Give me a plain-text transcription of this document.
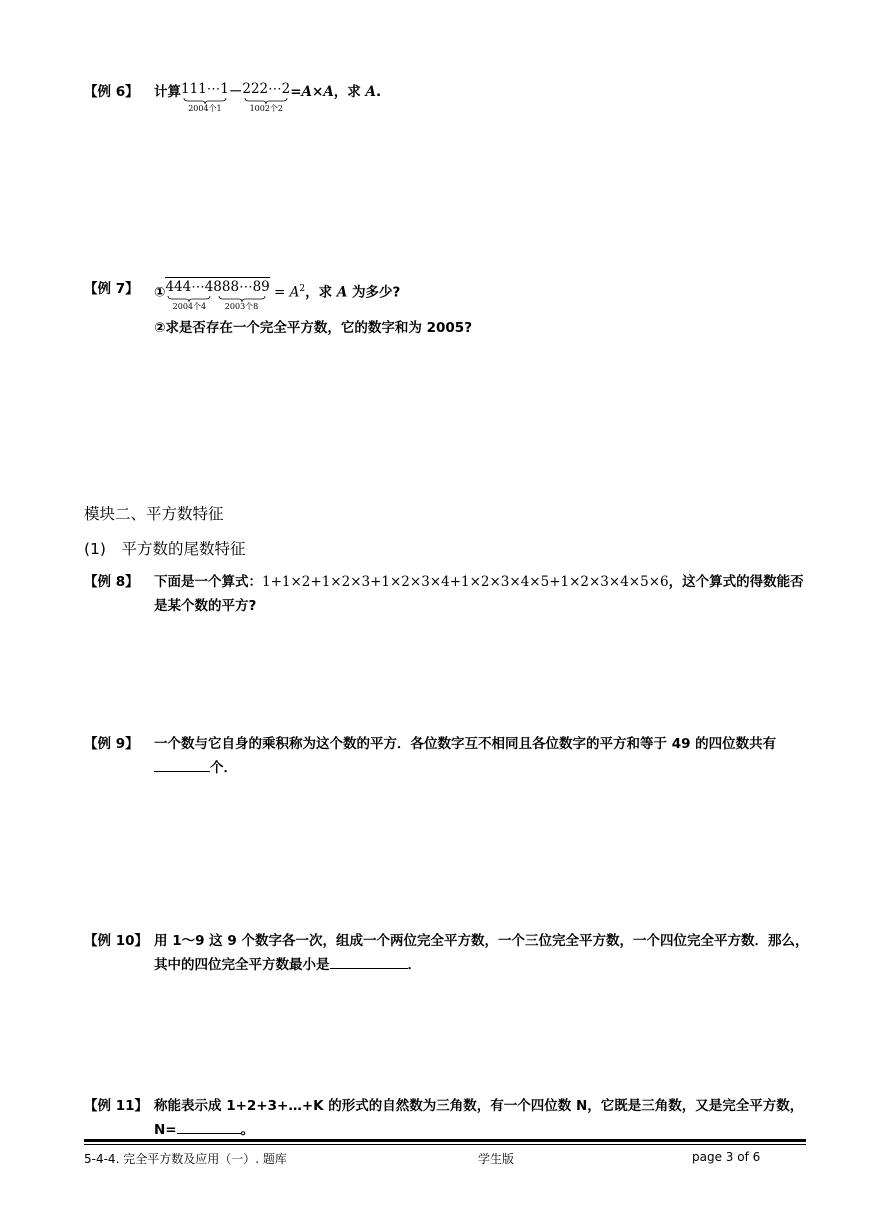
【例 6】 计算 111⋯1
2004个1
－ 222⋯2
1002个2
=A×A，求 A.
【例 7】 ① 444⋯4
2004个4
888⋯89
2003个8
= $A^2$，求 A 为多少?
②求是否存在一个完全平方数，它的数字和为 2005?
模块二、平方数特征
(1) 平方数的尾数特征
【例 8】 下面是一个算式：1+1×2+1×2×3+1×2×3×4+1×2×3×4×5+1×2×3×4×5×6，这个算式的得数能否是某个数的平方?
【例 9】 一个数与它自身的乘积称为这个数的平方．各位数字互不相同且各位数字的平方和等于 49 的四位数共有个．
【例 10】 用 1～9 这 9 个数字各一次，组成一个两位完全平方数，一个三位完全平方数，一个四位完全平方数．那么，其中的四位完全平方数最小是	．
【例 11】 称能表示成 1+2+3+…+K 的形式的自然数为三角数，有一个四位数 N，它既是三角数，又是完全平方数，N=	。
5-4-4. 完全平方数及应用（一）. 题库	学生版	page 3 of 6
